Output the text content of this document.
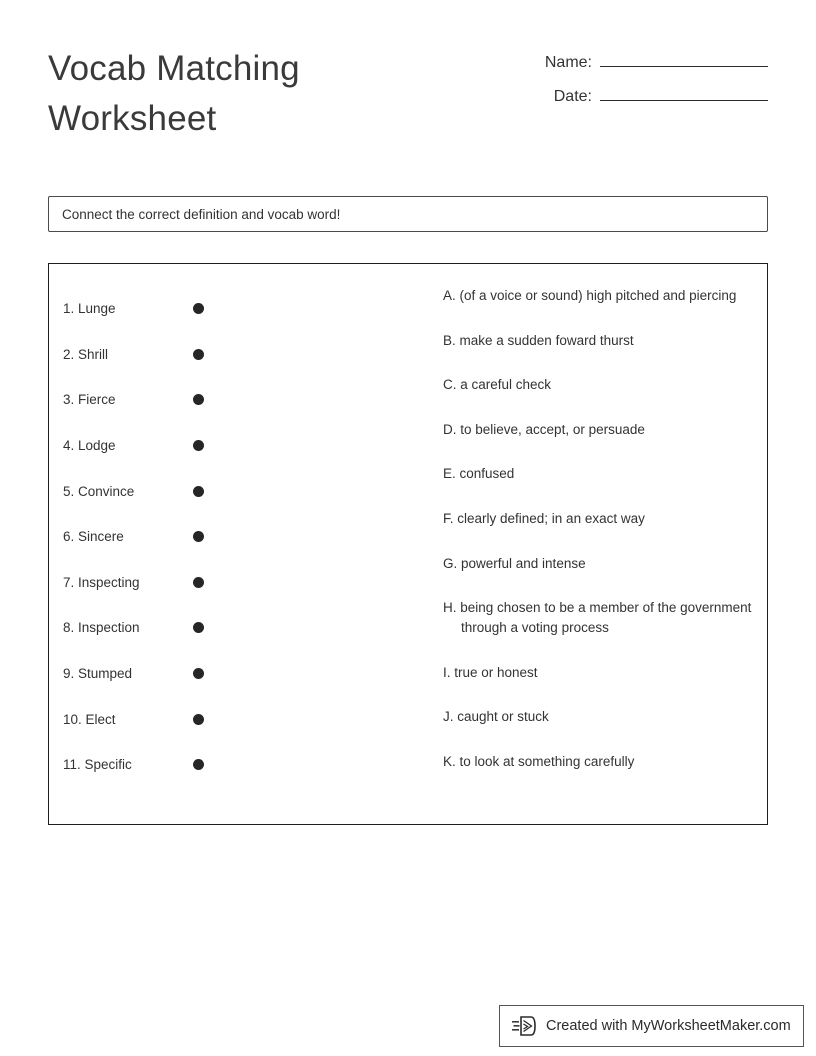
Vocab Matching Worksheet
Name:
Date:
Connect the correct definition and vocab word!
1. Lunge
2. Shrill
3. Fierce
4. Lodge
5. Convince
6. Sincere
7. Inspecting
8. Inspection
9. Stumped
10. Elect
11. Specific
A. (of a voice or sound) high pitched and piercing
B. make a sudden foward thurst
C. a careful check
D. to believe, accept, or persuade
E. confused
F. clearly defined; in an exact way
G. powerful and intense
H. being chosen to be a member of the government through a voting process
I. true or honest
J. caught or stuck
K. to look at something carefully
Created with MyWorksheetMaker.com
